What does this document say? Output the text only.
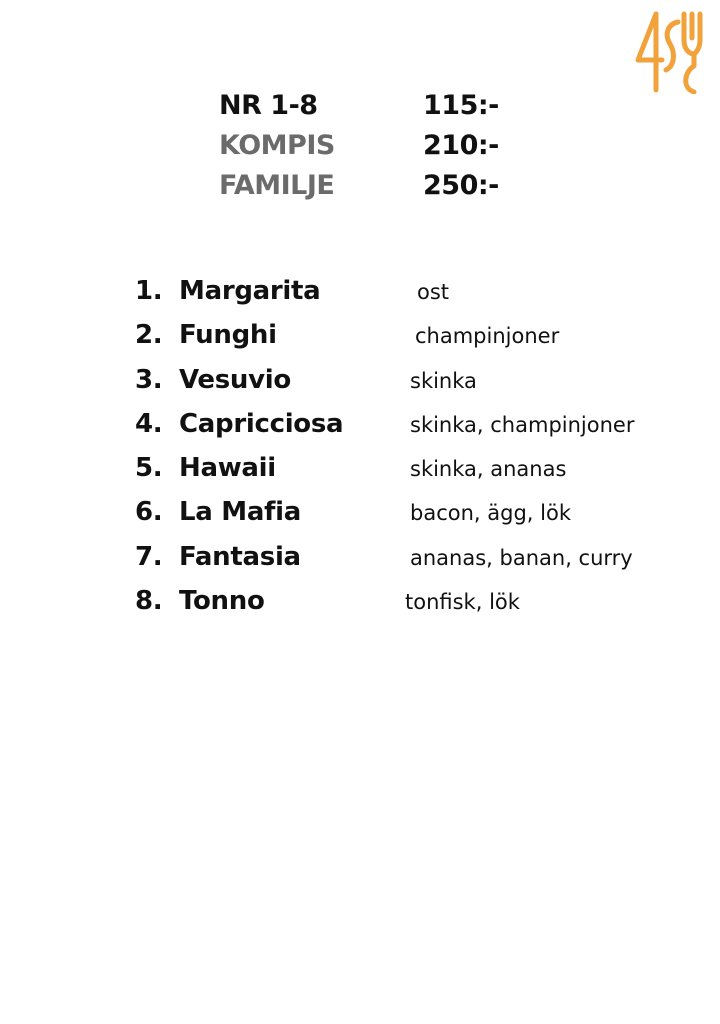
NR 1-8	115:-
KOMPIS	210:-
FAMILJE	250:-
1. Margarita	ost
2. Funghi	champinjoner
3. Vesuvio	skinka
4. Capricciosa	skinka, champinjoner
5. Hawaii	skinka, ananas
6. La Mafia	bacon, ägg, lök
7. Fantasia	ananas, banan, curry
8. Tonno	tonfisk, lök
